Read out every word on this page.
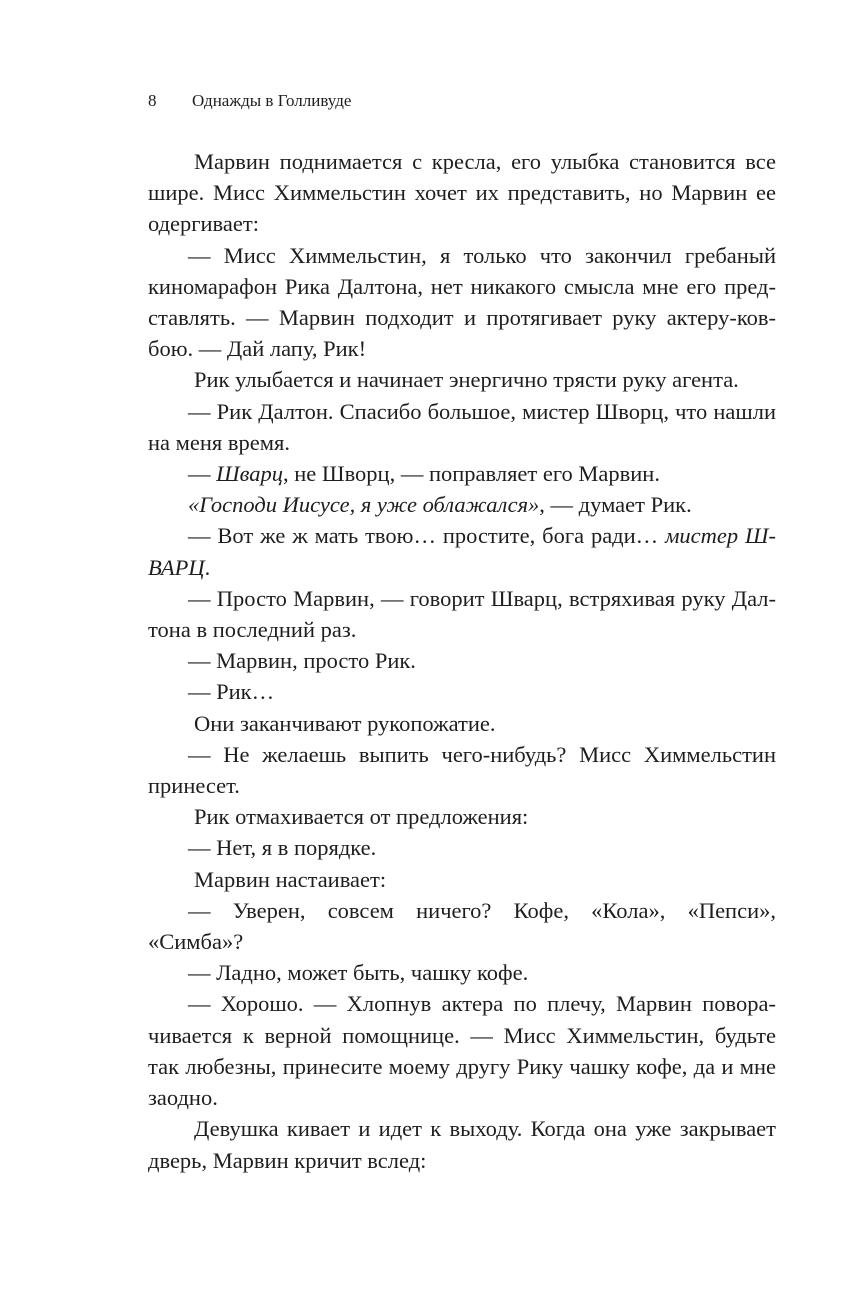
8 Однажды в Голливуде

Марвин поднимается с кресла, его улыбка становится все шире. Мисс Химмельстин хочет их представить, но Марвин ее одергивает:

— Мисс Химмельстин, я только что закончил гребаный киномарафон Рика Далтона, нет никакого смысла мне его представлять. — Марвин подходит и протягивает руку актеру-ковбою. — Дай лапу, Рик!

Рик улыбается и начинает энергично трясти руку агента.

— Рик Далтон. Спасибо большое, мистер Шворц, что нашли на меня время.

— Шварц, не Шворц, — поправляет его Марвин.

«Господи Иисусе, я уже облажался», — думает Рик.

— Вот же ж мать твою… простите, бога ради… мистер Ш-ВАРЦ.

— Просто Марвин, — говорит Шварц, встряхивая руку Далтона в последний раз.

— Марвин, просто Рик.

— Рик…

Они заканчивают рукопожатие.

— Не желаешь выпить чего-нибудь? Мисс Химмельстин принесет.

Рик отмахивается от предложения:

— Нет, я в порядке.

Марвин настаивает:

— Уверен, совсем ничего? Кофе, «Кола», «Пепси», «Симба»?

— Ладно, может быть, чашку кофе.

— Хорошо. — Хлопнув актера по плечу, Марвин поворачивается к верной помощнице. — Мисс Химмельстин, будьте так любезны, принесите моему другу Рику чашку кофе, да и мне заодно.

Девушка кивает и идет к выходу. Когда она уже закрывает дверь, Марвин кричит вслед:
